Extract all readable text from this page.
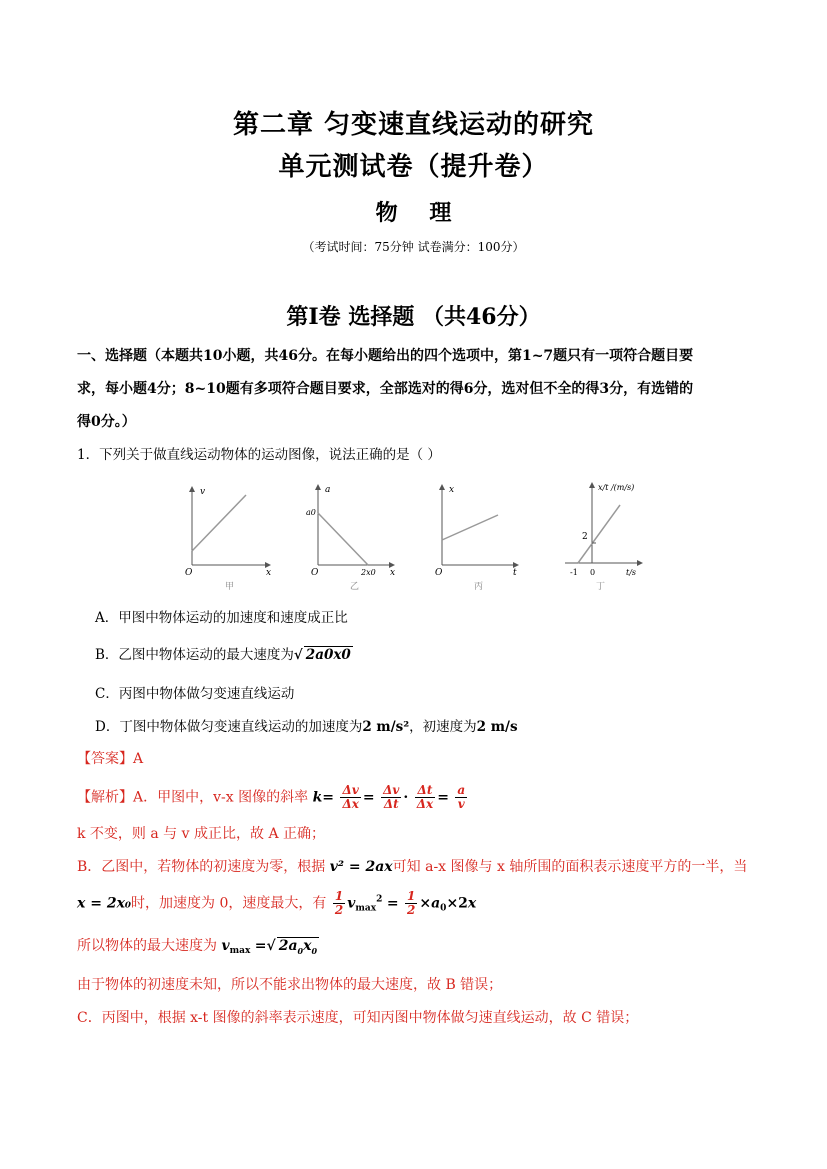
第二章 匀变速直线运动的研究
单元测试卷（提升卷）
物 理
（考试时间：75分钟 试卷满分：100分）
第Ⅰ卷 选择题 （共46分）
一、选择题（本题共10小题，共46分。在每小题给出的四个选项中，第1~7题只有一项符合题目要
求，每小题4分；8~10题有多项符合题目要求，全部选对的得6分，选对但不全的得3分，有选错的
得0分。）
1．下列关于做直线运动物体的运动图像，说法正确的是（ ）
v
x
O
甲
a
a0
2x0 x
O
乙
x
t
O
丙
x/t /(m/s)
2
-1 0	t/s
丁
A．甲图中物体运动的加速度和速度成正比
B．乙图中物体运动的最大速度为√ 2a0x0
C．丙图中物体做匀变速直线运动
D．丁图中物体做匀变速直线运动的加速度为2 m/s²，初速度为2 m/s
【答案】A
【解析】A．甲图中，v-x 图像的斜率 $k= \frac{\Delta v}{\Delta x} = \frac{\Delta v}{\Delta t} \cdot \frac{\Delta t}{\Delta x} = \frac{a}{v}$
k 不变，则 a 与 v 成正比，故 A 正确；
B．乙图中，若物体的初速度为零，根据 v² = 2ax可知 a-x 图像与 x 轴所围的面积表示速度平方的一半，当
x = 2x₀时，加速度为 0，速度最大，有 $\frac{1}{2} v_{max}^2 = \frac{1}{2} \times a_0\times 2x$
所以物体的最大速度为 $v_{max}$ =√ $2a_0x_0$
由于物体的初速度未知，所以不能求出物体的最大速度，故 B 错误；
C．丙图中，根据 x-t 图像的斜率表示速度，可知丙图中物体做匀速直线运动，故 C 错误；
